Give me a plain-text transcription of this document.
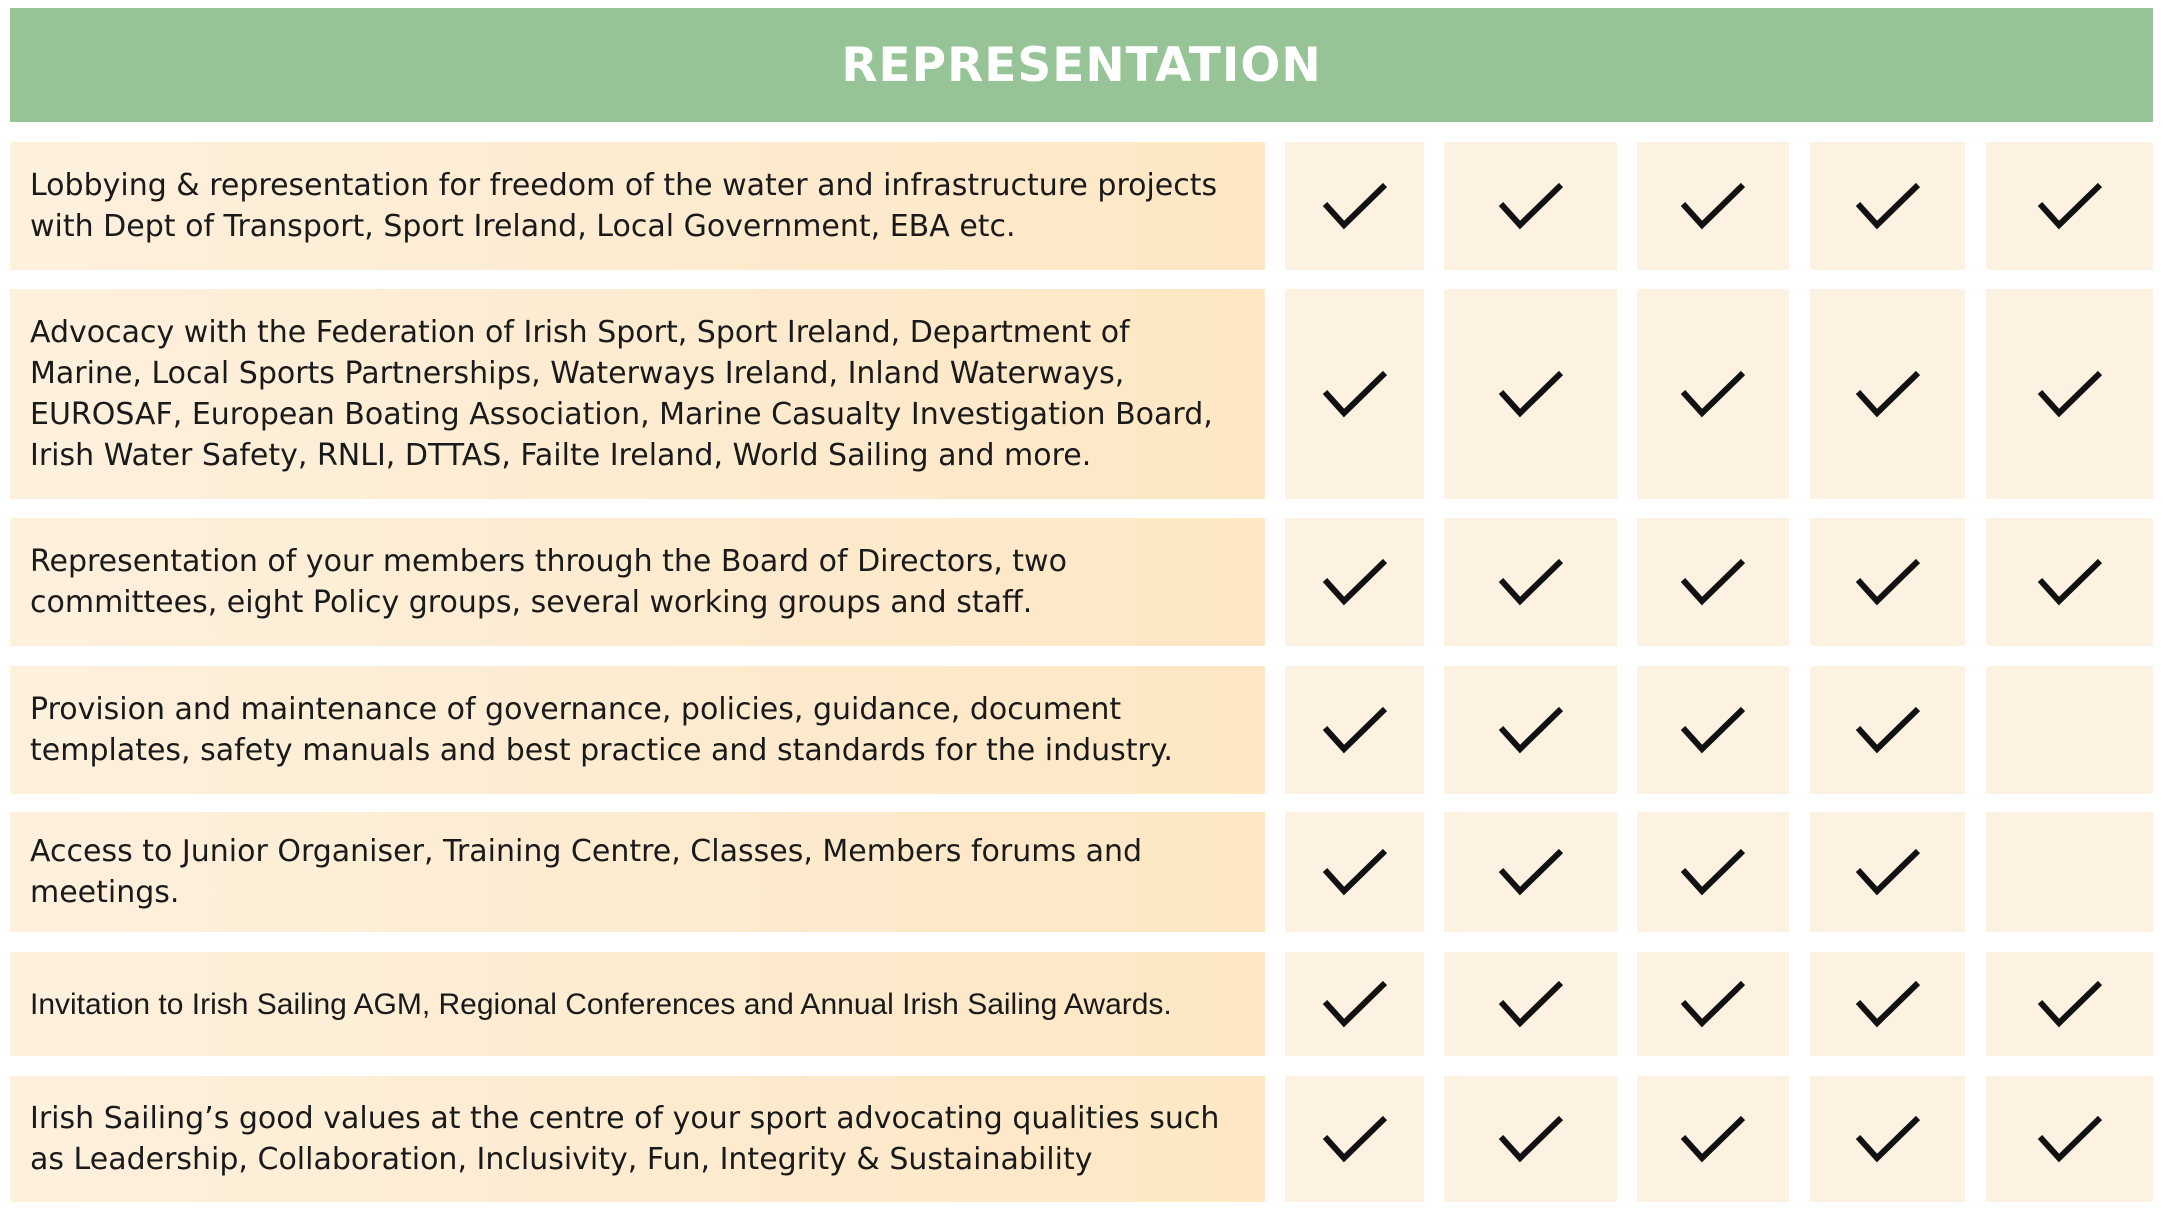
REPRESENTATION
Lobbying & representation for freedom of the water and infrastructure projects with Dept of Transport, Sport Ireland, Local Government, EBA etc.
Advocacy with the Federation of Irish Sport, Sport Ireland, Department of Marine, Local Sports Partnerships, Waterways Ireland, Inland Waterways, EUROSAF, European Boating Association, Marine Casualty Investigation Board, Irish Water Safety, RNLI, DTTAS, Failte Ireland, World Sailing and more.
Representation of your members through the Board of Directors, two committees, eight Policy groups, several working groups and staff.
Provision and maintenance of governance, policies, guidance, document templates, safety manuals and best practice and standards for the industry.
Access to Junior Organiser, Training Centre, Classes, Members forums and meetings.
Invitation to Irish Sailing AGM, Regional Conferences and Annual Irish Sailing Awards.
Irish Sailing’s good values at the centre of your sport advocating qualities such as Leadership, Collaboration, Inclusivity, Fun, Integrity & Sustainability
